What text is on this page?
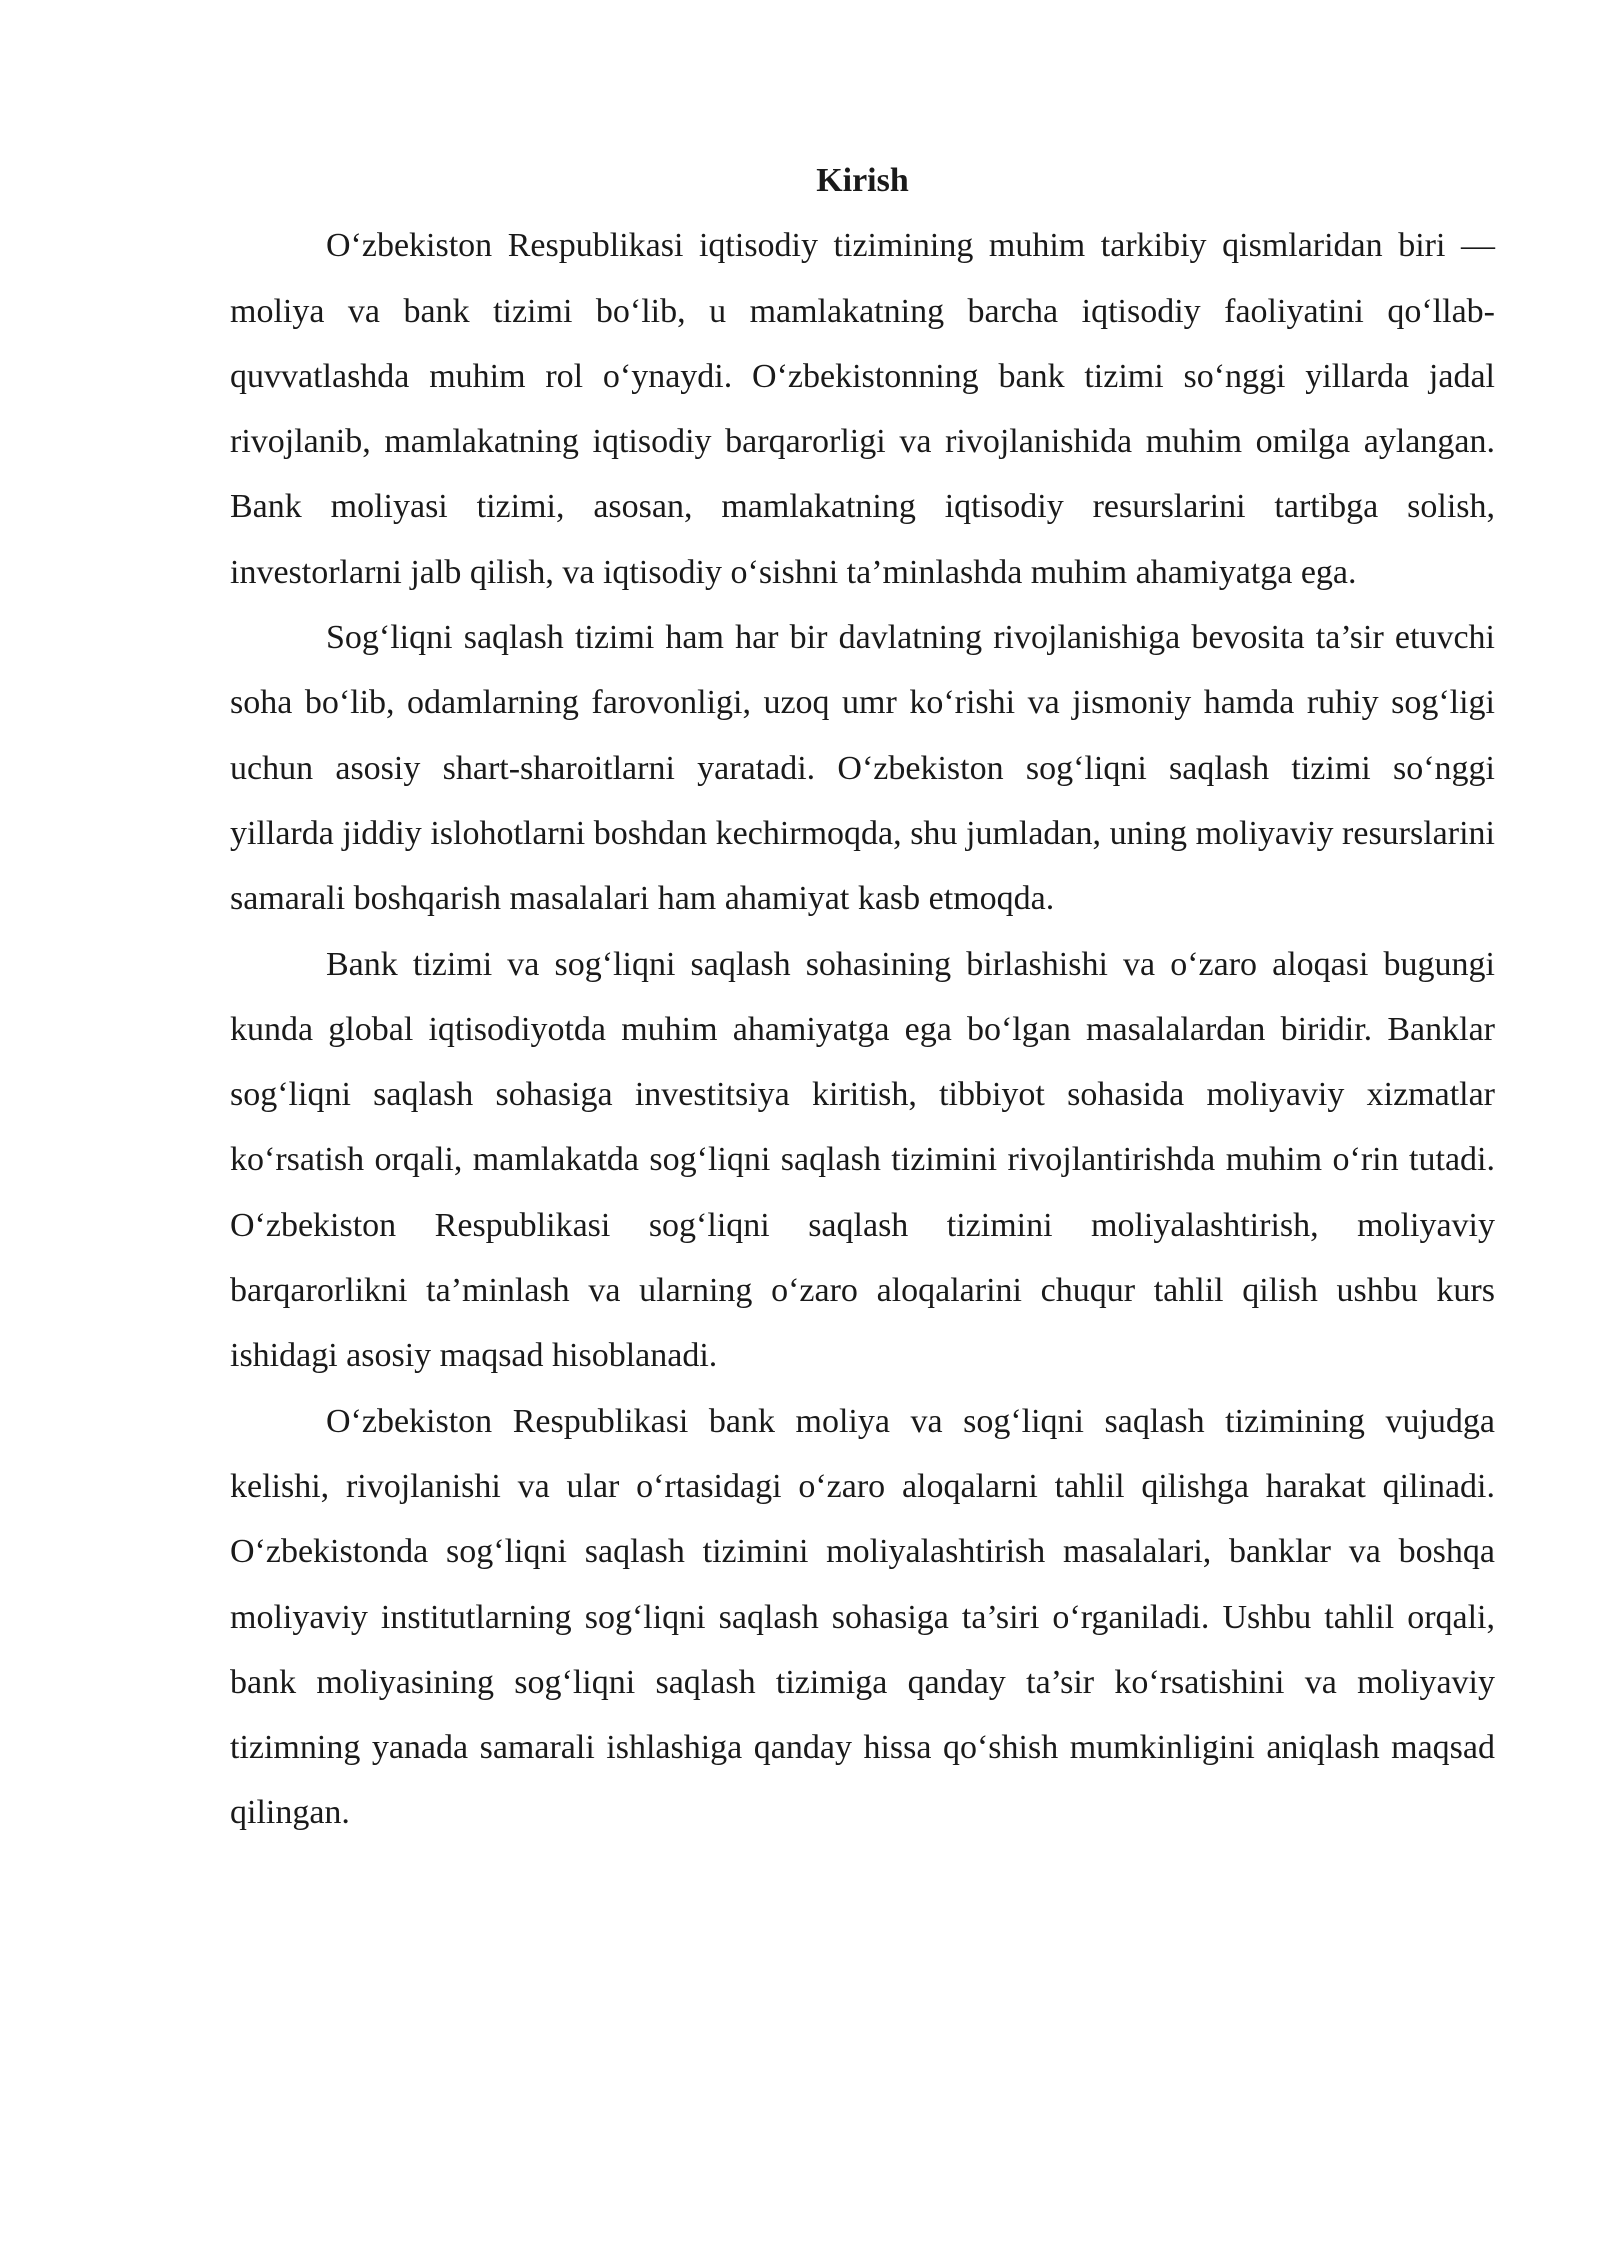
Kirish

O‘zbekiston Respublikasi iqtisodiy tizimining muhim tarkibiy qismlaridan biri — moliya va bank tizimi bo‘lib, u mamlakatning barcha iqtisodiy faoliyatini qo‘llab-quvvatlashda muhim rol o‘ynaydi. O‘zbekistonning bank tizimi so‘nggi yillarda jadal rivojlanib, mamlakatning iqtisodiy barqarorligi va rivojlanishida muhim omilga aylangan. Bank moliyasi tizimi, asosan, mamlakatning iqtisodiy resurslarini tartibga solish, investorlarni jalb qilish, va iqtisodiy o‘sishni ta’minlashda muhim ahamiyatga ega.

Sog‘liqni saqlash tizimi ham har bir davlatning rivojlanishiga bevosita ta’sir etuvchi soha bo‘lib, odamlarning farovonligi, uzoq umr ko‘rishi va jismoniy hamda ruhiy sog‘ligi uchun asosiy shart-sharoitlarni yaratadi. O‘zbekiston sog‘liqni saqlash tizimi so‘nggi yillarda jiddiy islohotlarni boshdan kechirmoqda, shu jumladan, uning moliyaviy resurslarini samarali boshqarish masalalari ham ahamiyat kasb etmoqda.

Bank tizimi va sog‘liqni saqlash sohasining birlashishi va o‘zaro aloqasi bugungi kunda global iqtisodiyotda muhim ahamiyatga ega bo‘lgan masalalardan biridir. Banklar sog‘liqni saqlash sohasiga investitsiya kiritish, tibbiyot sohasida moliyaviy xizmatlar ko‘rsatish orqali, mamlakatda sog‘liqni saqlash tizimini rivojlantirishda muhim o‘rin tutadi. O‘zbekiston Respublikasi sog‘liqni saqlash tizimini moliyalashtirish, moliyaviy barqarorlikni ta’minlash va ularning o‘zaro aloqalarini chuqur tahlil qilish ushbu kurs ishidagi asosiy maqsad hisoblanadi.

O‘zbekiston Respublikasi bank moliya va sog‘liqni saqlash tizimining vujudga kelishi, rivojlanishi va ular o‘rtasidagi o‘zaro aloqalarni tahlil qilishga harakat qilinadi. O‘zbekistonda sog‘liqni saqlash tizimini moliyalashtirish masalalari, banklar va boshqa moliyaviy institutlarning sog‘liqni saqlash sohasiga ta’siri o‘rganiladi. Ushbu tahlil orqali, bank moliyasining sog‘liqni saqlash tizimiga qanday ta’sir ko‘rsatishini va moliyaviy tizimning yanada samarali ishlashiga qanday hissa qo‘shish mumkinligini aniqlash maqsad qilingan.
